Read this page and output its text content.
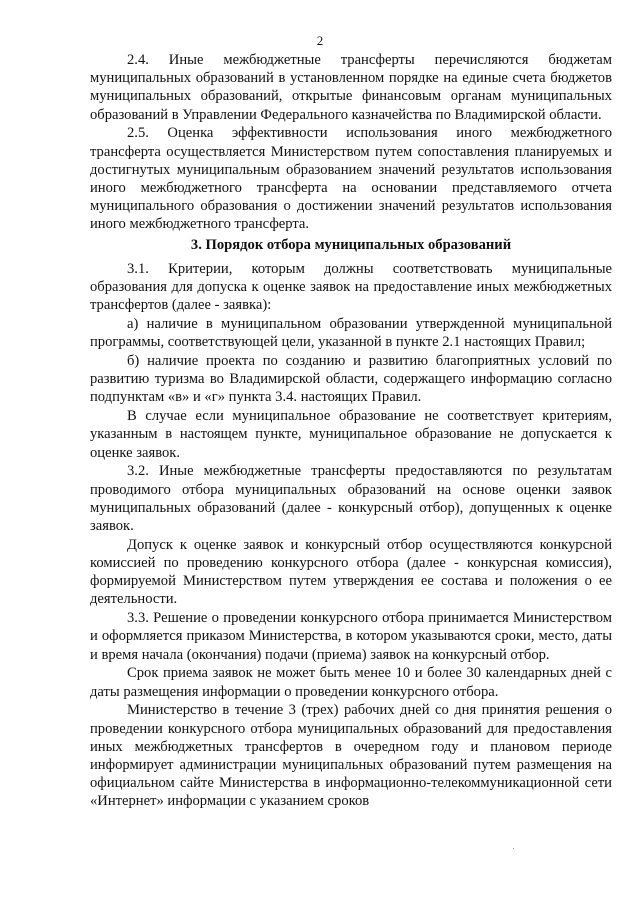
2

2.4. Иные межбюджетные трансферты перечисляются бюджетам муниципальных образований в установленном порядке на единые счета бюджетов муниципальных образований, открытые финансовым органам муниципальных образований в Управлении Федерального казначейства по Владимирской области.

2.5. Оценка эффективности использования иного межбюджетного трансферта осуществляется Министерством путем сопоставления планируемых и достигнутых муниципальным образованием значений результатов использования иного межбюджетного трансферта на основании представляемого отчета муниципального образования о достижении значений результатов использования иного межбюджетного трансферта.

3. Порядок отбора муниципальных образований

3.1. Критерии, которым должны соответствовать муниципальные образования для допуска к оценке заявок на предоставление иных межбюджетных трансфертов (далее - заявка):

а) наличие в муниципальном образовании утвержденной муниципальной программы, соответствующей цели, указанной в пункте 2.1 настоящих Правил;

б) наличие проекта по созданию и развитию благоприятных условий по развитию туризма во Владимирской области, содержащего информацию согласно подпунктам «в» и «г» пункта 3.4. настоящих Правил.

В случае если муниципальное образование не соответствует критериям, указанным в настоящем пункте, муниципальное образование не допускается к оценке заявок.

3.2. Иные межбюджетные трансферты предоставляются по результатам проводимого отбора муниципальных образований на основе оценки заявок муниципальных образований (далее - конкурсный отбор), допущенных к оценке заявок.

Допуск к оценке заявок и конкурсный отбор осуществляются конкурсной комиссией по проведению конкурсного отбора (далее - конкурсная комиссия), формируемой Министерством путем утверждения ее состава и положения о ее деятельности.

3.3. Решение о проведении конкурсного отбора принимается Министерством и оформляется приказом Министерства, в котором указываются сроки, место, даты и время начала (окончания) подачи (приема) заявок на конкурсный отбор.

Срок приема заявок не может быть менее 10 и более 30 календарных дней с даты размещения информации о проведении конкурсного отбора.

Министерство в течение 3 (трех) рабочих дней со дня принятия решения о проведении конкурсного отбора муниципальных образований для предоставления иных межбюджетных трансфертов в очередном году и плановом периоде информирует администрации муниципальных образований путем размещения на официальном сайте Министерства в информационно-телекоммуникационной сети «Интернет» информации с указанием сроков
